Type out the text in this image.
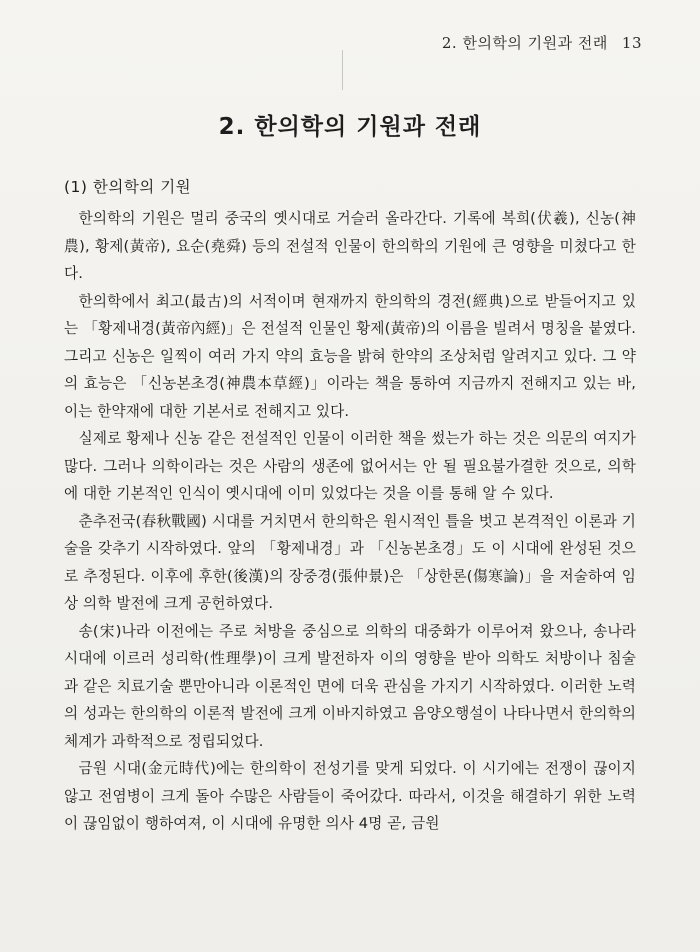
2. 한의학의 기원과 전래 13
2. 한의학의 기원과 전래
(1) 한의학의 기원

한의학의 기원은 멀리 중국의 옛시대로 거슬러 올라간다. 기록에 복희(伏羲), 신농(神農), 황제(黃帝), 요순(堯舜) 등의 전설적 인물이 한의학의 기원에 큰 영향을 미쳤다고 한다.

한의학에서 최고(最古)의 서적이며 현재까지 한의학의 경전(經典)으로 받들어지고 있는 「황제내경(黃帝內經)」은 전설적 인물인 황제(黃帝)의 이름을 빌려서 명칭을 붙였다. 그리고 신농은 일찍이 여러 가지 약의 효능을 밝혀 한약의 조상처럼 알려지고 있다. 그 약의 효능은 「신농본초경(神農本草經)」이라는 책을 통하여 지금까지 전해지고 있는 바, 이는 한약재에 대한 기본서로 전해지고 있다.

실제로 황제나 신농 같은 전설적인 인물이 이러한 책을 썼는가 하는 것은 의문의 여지가 많다. 그러나 의학이라는 것은 사람의 생존에 없어서는 안 될 필요불가결한 것으로, 의학에 대한 기본적인 인식이 옛시대에 이미 있었다는 것을 이를 통해 알 수 있다.

춘추전국(春秋戰國) 시대를 거치면서 한의학은 원시적인 틀을 벗고 본격적인 이론과 기술을 갖추기 시작하였다. 앞의 「황제내경」과 「신농본초경」도 이 시대에 완성된 것으로 추정된다. 이후에 후한(後漢)의 장중경(張仲景)은 「상한론(傷寒論)」을 저술하여 임상 의학 발전에 크게 공헌하였다.

송(宋)나라 이전에는 주로 처방을 중심으로 의학의 대중화가 이루어져 왔으나, 송나라 시대에 이르러 성리학(性理學)이 크게 발전하자 이의 영향을 받아 의학도 처방이나 침술과 같은 치료기술 뿐만아니라 이론적인 면에 더욱 관심을 가지기 시작하였다. 이러한 노력의 성과는 한의학의 이론적 발전에 크게 이바지하였고 음양오행설이 나타나면서 한의학의 체계가 과학적으로 정립되었다.

금원 시대(金元時代)에는 한의학이 전성기를 맞게 되었다. 이 시기에는 전쟁이 끊이지 않고 전염병이 크게 돌아 수많은 사람들이 죽어갔다. 따라서, 이것을 해결하기 위한 노력이 끊임없이 행하여져, 이 시대에 유명한 의사 4명 곧, 금원
